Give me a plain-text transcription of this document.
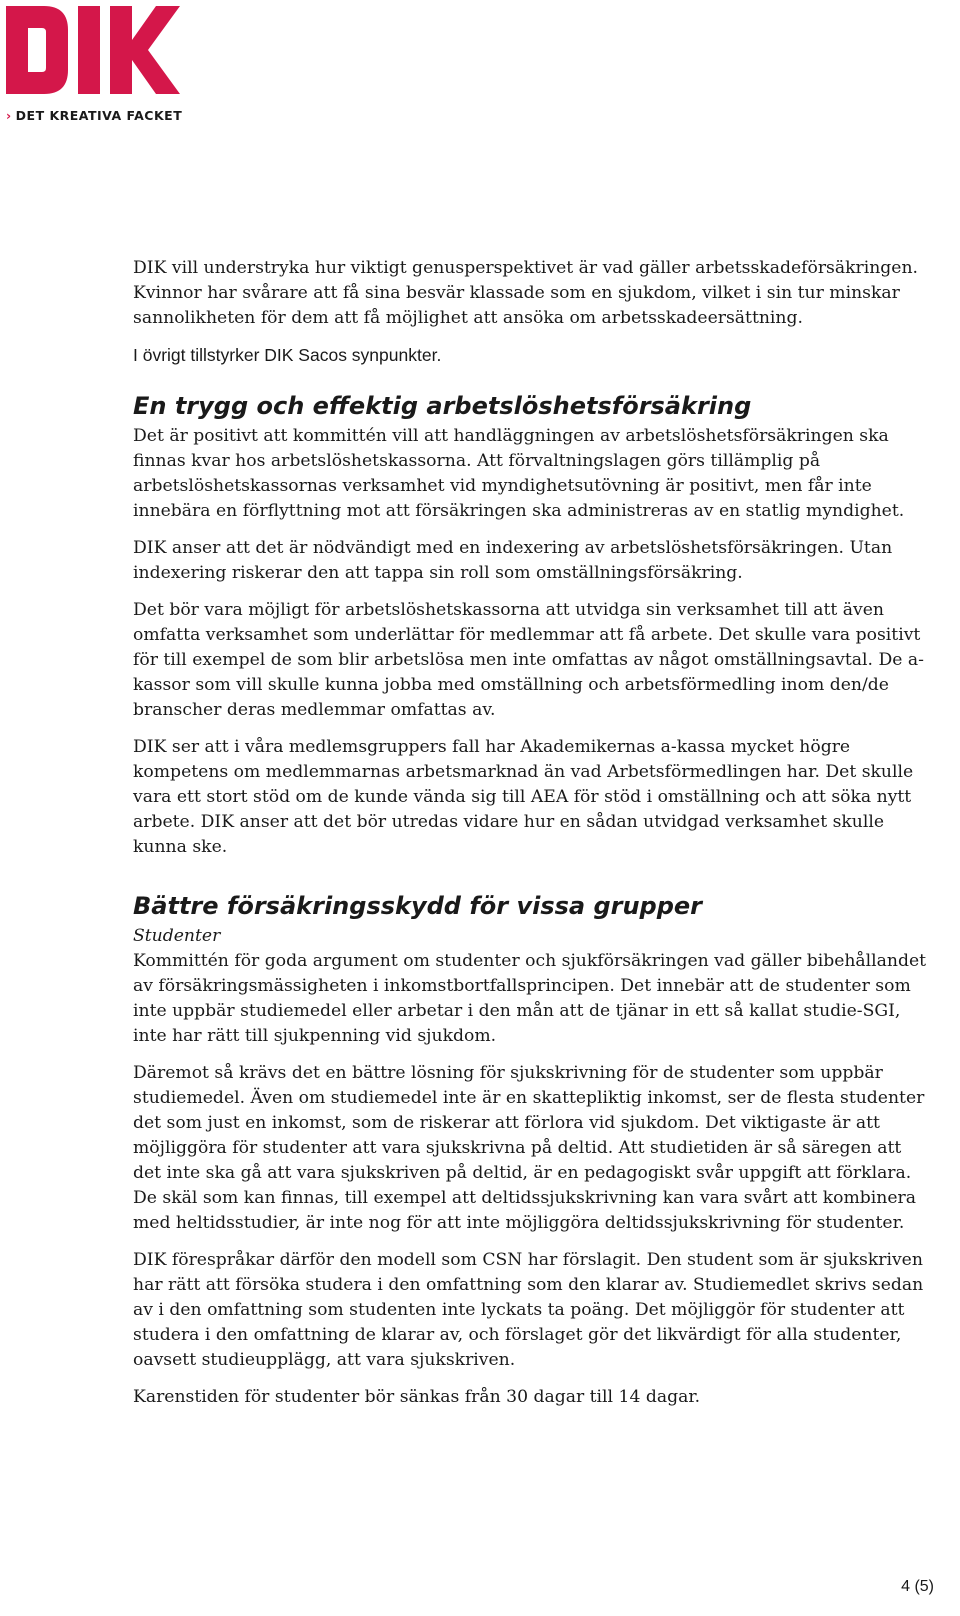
› DET KREATIVA FACKET

DIK vill understryka hur viktigt genusperspektivet är vad gäller arbetsskadeförsäkringen. Kvinnor har svårare att få sina besvär klassade som en sjukdom, vilket i sin tur minskar sannolikheten för dem att få möjlighet att ansöka om arbetsskadeersättning.

I övrigt tillstyrker DIK Sacos synpunkter.

En trygg och effektig arbetslöshetsförsäkring

Det är positivt att kommittén vill att handläggningen av arbetslöshetsförsäkringen ska finnas kvar hos arbetslöshetskassorna. Att förvaltningslagen görs tillämplig på arbetslöshetskassornas verksamhet vid myndighetsutövning är positivt, men får inte innebära en förflyttning mot att försäkringen ska administreras av en statlig myndighet.

DIK anser att det är nödvändigt med en indexering av arbetslöshetsförsäkringen. Utan indexering riskerar den att tappa sin roll som omställningsförsäkring.

Det bör vara möjligt för arbetslöshetskassorna att utvidga sin verksamhet till att även omfatta verksamhet som underlättar för medlemmar att få arbete. Det skulle vara positivt för till exempel de som blir arbetslösa men inte omfattas av något omställningsavtal. De a-kassor som vill skulle kunna jobba med omställning och arbetsförmedling inom den/de branscher deras medlemmar omfattas av.

DIK ser att i våra medlemsgruppers fall har Akademikernas a-kassa mycket högre kompetens om medlemmarnas arbetsmarknad än vad Arbetsförmedlingen har. Det skulle vara ett stort stöd om de kunde vända sig till AEA för stöd i omställning och att söka nytt arbete. DIK anser att det bör utredas vidare hur en sådan utvidgad verksamhet skulle kunna ske.

Bättre försäkringsskydd för vissa grupper

Studenter

Kommittén för goda argument om studenter och sjukförsäkringen vad gäller bibehållandet av försäkringsmässigheten i inkomstbortfallsprincipen. Det innebär att de studenter som inte uppbär studiemedel eller arbetar i den mån att de tjänar in ett så kallat studie-SGI, inte har rätt till sjukpenning vid sjukdom.

Däremot så krävs det en bättre lösning för sjukskrivning för de studenter som uppbär studiemedel. Även om studiemedel inte är en skattepliktig inkomst, ser de flesta studenter det som just en inkomst, som de riskerar att förlora vid sjukdom. Det viktigaste är att möjliggöra för studenter att vara sjukskrivna på deltid. Att studietiden är så säregen att det inte ska gå att vara sjukskriven på deltid, är en pedagogiskt svår uppgift att förklara. De skäl som kan finnas, till exempel att deltidssjukskrivning kan vara svårt att kombinera med heltidsstudier, är inte nog för att inte möjliggöra deltidssjukskrivning för studenter.

DIK förespråkar därför den modell som CSN har förslagit. Den student som är sjukskriven har rätt att försöka studera i den omfattning som den klarar av. Studiemedlet skrivs sedan av i den omfattning som studenten inte lyckats ta poäng. Det möjliggör för studenter att studera i den omfattning de klarar av, och förslaget gör det likvärdigt för alla studenter, oavsett studieupplägg, att vara sjukskriven.

Karenstiden för studenter bör sänkas från 30 dagar till 14 dagar.

4 (5)
